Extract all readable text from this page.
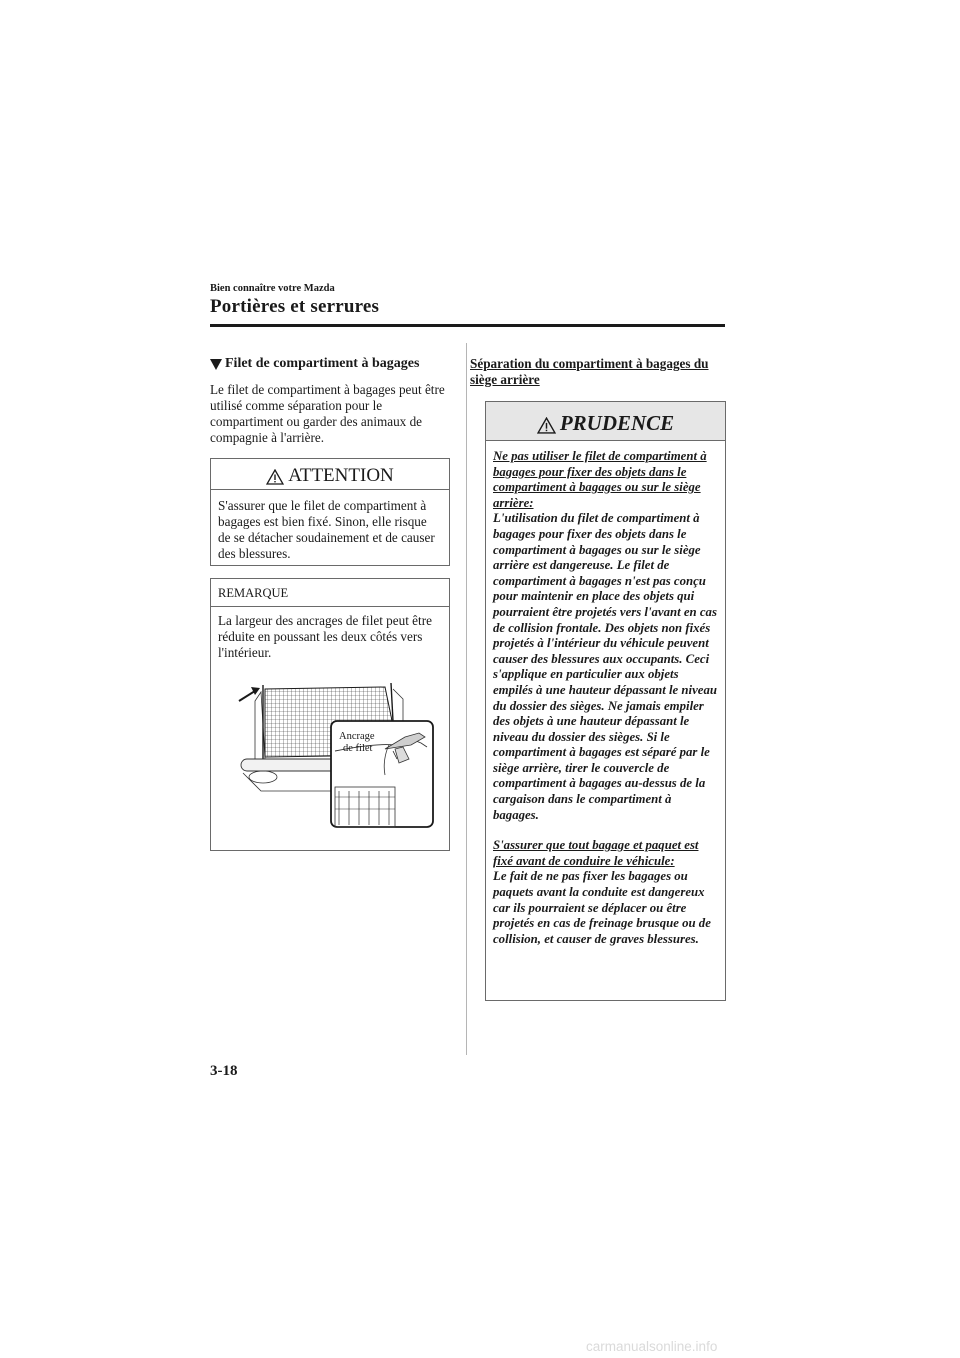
Bien connaître votre Mazda
Portières et serrures
Filet de compartiment à bagages
Le filet de compartiment à bagages peut être utilisé comme séparation pour le compartiment ou garder des animaux de compagnie à l'arrière.
ATTENTION
S'assurer que le filet de compartiment à bagages est bien fixé. Sinon, elle risque de se détacher soudainement et de causer des blessures.
REMARQUE
La largeur des ancrages de filet peut être réduite en poussant les deux côtés vers l'intérieur.
Ancrage
de filet
Séparation du compartiment à bagages du siège arrière
PRUDENCE
Ne pas utiliser le filet de compartiment à bagages pour fixer des objets dans le compartiment à bagages ou sur le siège arrière:

L'utilisation du filet de compartiment à bagages pour fixer des objets dans le compartiment à bagages ou sur le siège arrière est dangereuse. Le filet de compartiment à bagages n'est pas conçu pour maintenir en place des objets qui pourraient être projetés vers l'avant en cas de collision frontale. Des objets non fixés projetés à l'intérieur du véhicule peuvent causer des blessures aux occupants. Ceci s'applique en particulier aux objets empilés à une hauteur dépassant le niveau du dossier des sièges. Ne jamais empiler des objets à une hauteur dépassant le niveau du dossier des sièges. Si le compartiment à bagages est séparé par le siège arrière, tirer le couvercle de compartiment à bagages au-dessus de la cargaison dans le compartiment à bagages.

S'assurer que tout bagage et paquet est fixé avant de conduire le véhicule:

Le fait de ne pas fixer les bagages ou paquets avant la conduite est dangereux car ils pourraient se déplacer ou être projetés en cas de freinage brusque ou de collision, et causer de graves blessures.

3-18
carmanualsonline.info
